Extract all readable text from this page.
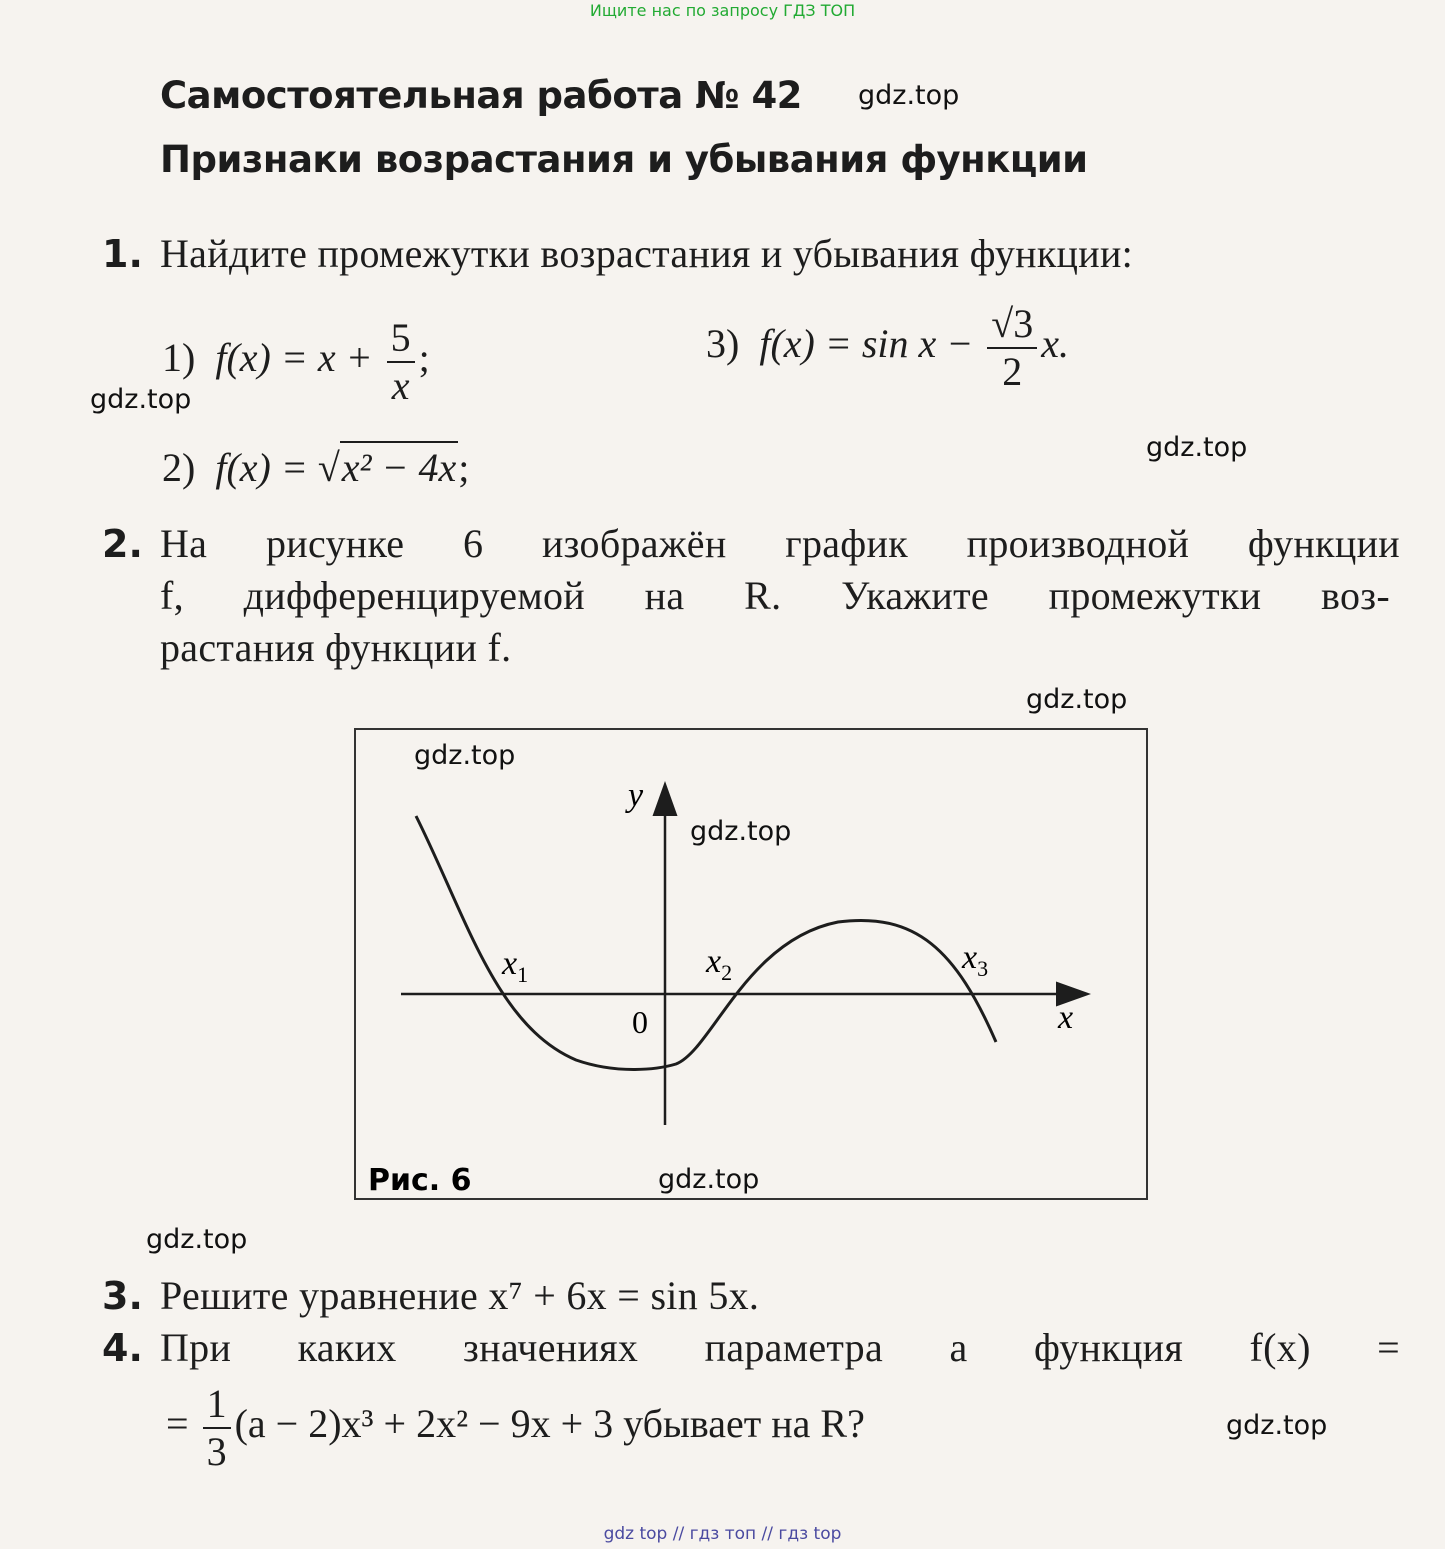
Ищите нас по запросу ГДЗ ТОП
Самостоятельная работа № 42
Признаки возрастания и убывания функции
gdz.top
gdz.top
gdz.top
gdz.top
gdz.top
gdz.top
gdz.top
gdz.top
gdz.top
1. Найдите промежутки возрастания и убывания функции:
1) $f(x) = x + \frac{5}{x}$ ;	3) $f(x) = \sin x - \frac{√3}{2} x$.
2) f(x) = √x² − 4x;
2. На рисунке 6 изображён график производной функции
f, дифференцируемой на R. Укажите промежутки воз-
растания функции f.
y
x
0
$x_1$	$x_2$	$x_3$
Рис. 6
3. Решите уравнение x⁷ + 6x = sin 5x.
4. При каких значениях параметра a функция f(x) =
= $\frac{1}{3} (a - 2)x^3 + 2x^2 - 9x + 3$ убывает на R?
gdz top // гдз топ // гдз top
